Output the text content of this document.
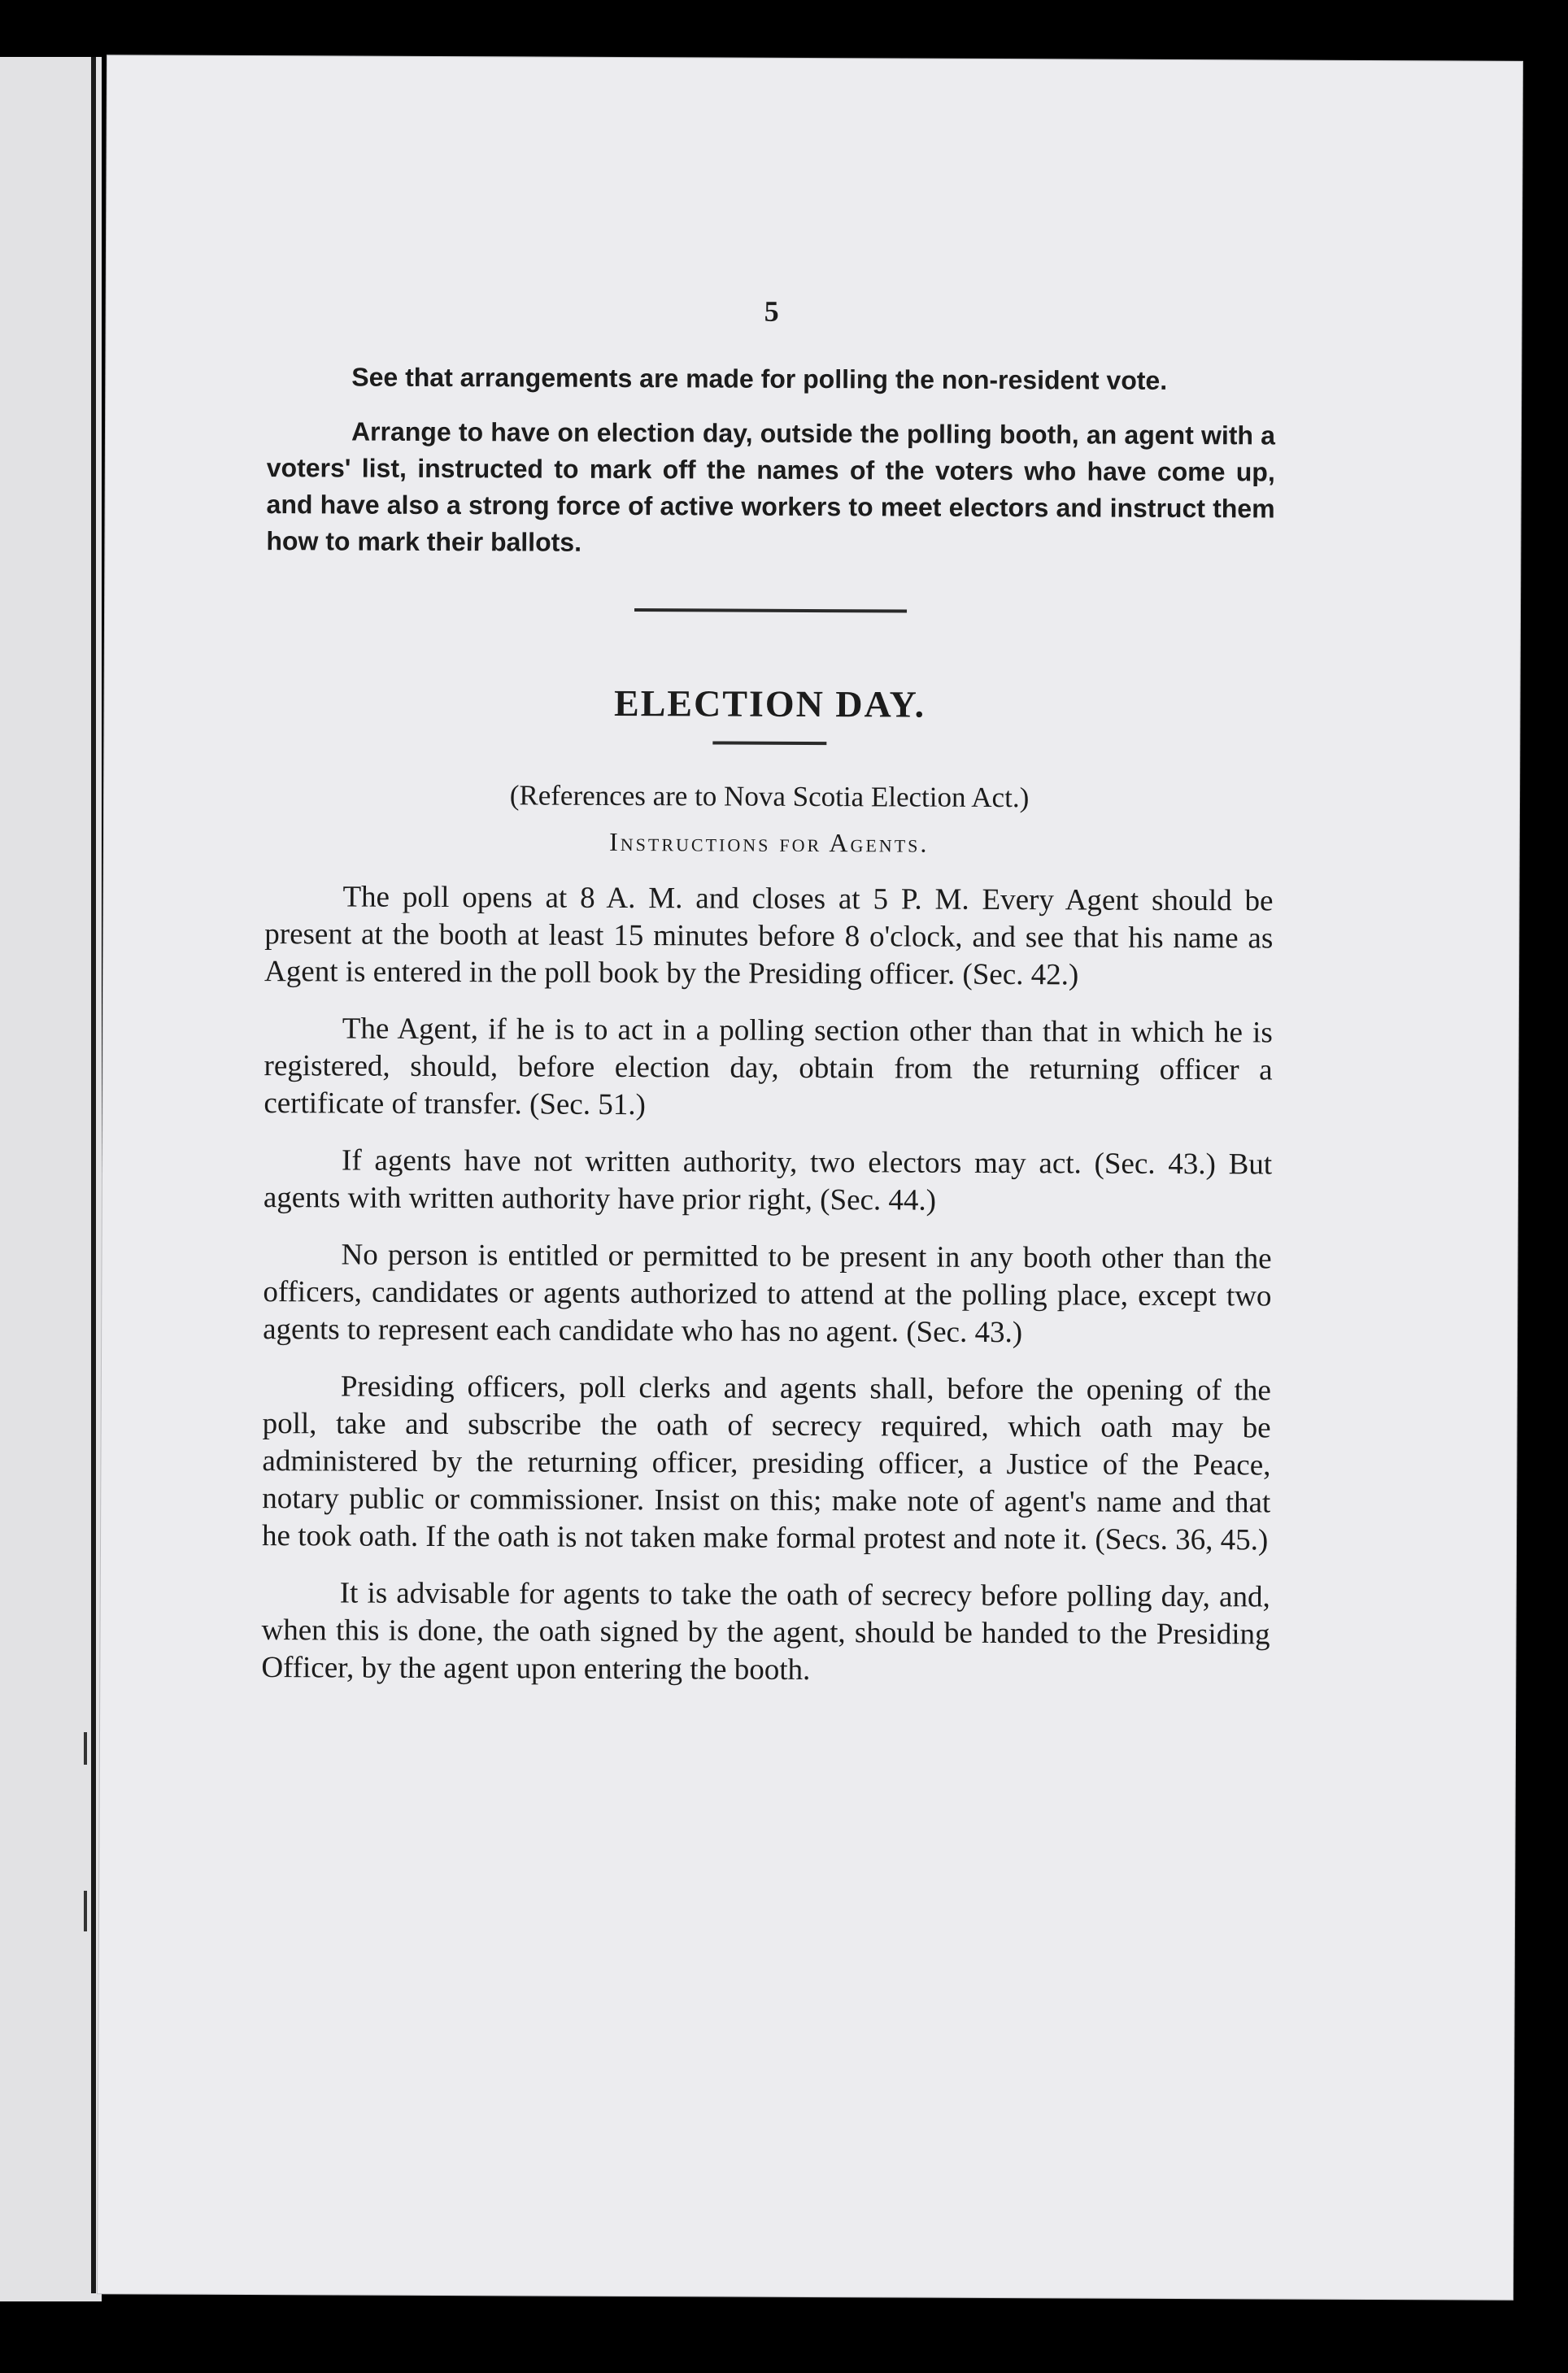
5

See that arrangements are made for polling the non-resident vote.

Arrange to have on election day, outside the polling booth, an agent with a voters' list, instructed to mark off the names of the voters who have come up, and have also a strong force of active workers to meet electors and instruct them how to mark their ballots.

ELECTION DAY.

(References are to Nova Scotia Election Act.)

Instructions for Agents.

The poll opens at 8 A. M. and closes at 5 P. M. Every Agent should be present at the booth at least 15 minutes before 8 o'clock, and see that his name as Agent is entered in the poll book by the Presiding officer. (Sec. 42.)

The Agent, if he is to act in a polling section other than that in which he is registered, should, before election day, obtain from the returning officer a certificate of transfer. (Sec. 51.)

If agents have not written authority, two electors may act. (Sec. 43.) But agents with written authority have prior right, (Sec. 44.)

No person is entitled or permitted to be present in any booth other than the officers, candidates or agents authorized to attend at the polling place, except two agents to represent each candidate who has no agent. (Sec. 43.)

Presiding officers, poll clerks and agents shall, before the opening of the poll, take and subscribe the oath of secrecy required, which oath may be administered by the returning officer, presiding officer, a Justice of the Peace, notary public or commissioner. Insist on this; make note of agent's name and that he took oath. If the oath is not taken make formal protest and note it. (Secs. 36, 45.)

It is advisable for agents to take the oath of secrecy before polling day, and, when this is done, the oath signed by the agent, should be handed to the Presiding Officer, by the agent upon entering the booth.
